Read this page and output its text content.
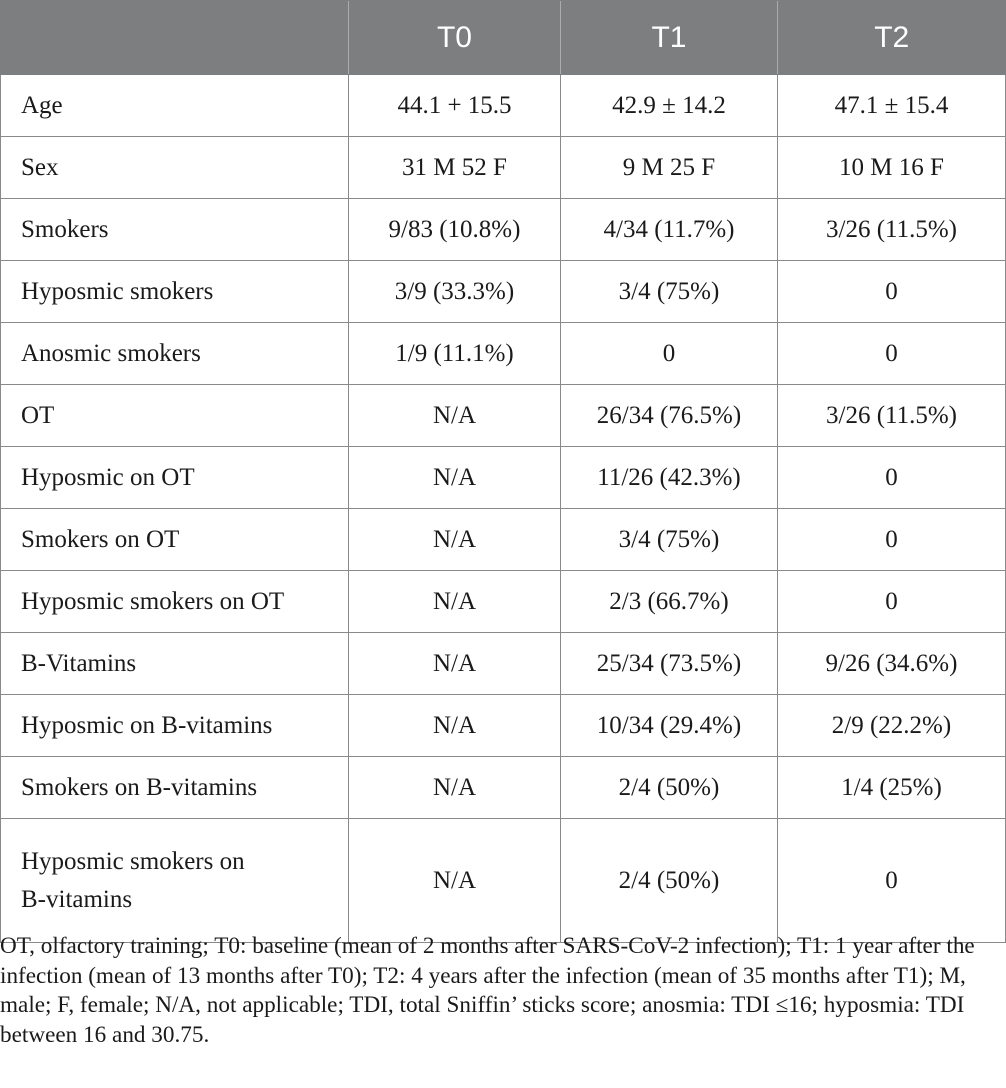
	T0	T1	T2
Age	44.1 + 15.5	42.9 ± 14.2	47.1 ± 15.4
Sex	31 M 52 F	9 M 25 F	10 M 16 F
Smokers	9/83 (10.8%)	4/34 (11.7%)	3/26 (11.5%)
Hyposmic smokers	3/9 (33.3%)	3/4 (75%)	0
Anosmic smokers	1/9 (11.1%)	0	0
OT	N/A	26/34 (76.5%)	3/26 (11.5%)
Hyposmic on OT	N/A	11/26 (42.3%)	0
Smokers on OT	N/A	3/4 (75%)	0
Hyposmic smokers on OT	N/A	2/3 (66.7%)	0
B-Vitamins	N/A	25/34 (73.5%)	9/26 (34.6%)
Hyposmic on B-vitamins	N/A	10/34 (29.4%)	2/9 (22.2%)
Smokers on B-vitamins	N/A	2/4 (50%)	1/4 (25%)
Hyposmic smokers on
B-vitamins	N/A	2/4 (50%)	0

OT, olfactory training; T0: baseline (mean of 2 months after SARS-CoV-2 infection); T1: 1 year after the infection (mean of 13 months after T0); T2: 4 years after the infection (mean of 35 months after T1); M, male; F, female; N/A, not applicable; TDI, total Sniffin’ sticks score; anosmia: TDI ≤16; hyposmia: TDI between 16 and 30.75.
